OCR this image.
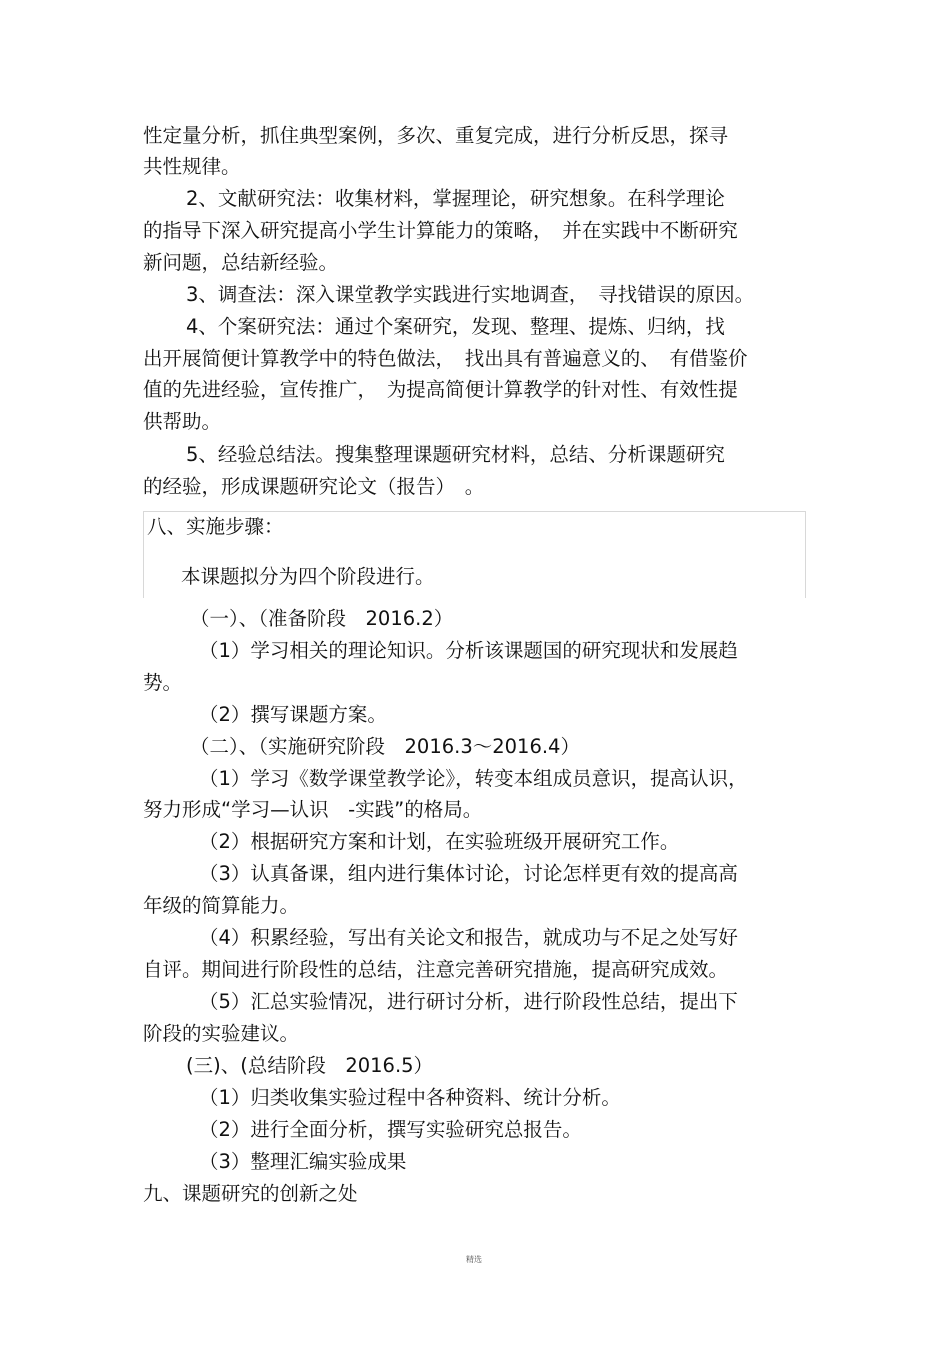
性定量分析，抓住典型案例，多次、重复完成，进行分析反思，探寻

共性规律。

2、文献研究法：收集材料，掌握理论，研究想象。在科学理论

的指导下深入研究提高小学生计算能力的策略，　并在实践中不断研究

新问题，总结新经验。

3、调查法：深入课堂教学实践进行实地调查，　寻找错误的原因。

4、个案研究法：通过个案研究，发现、整理、提炼、归纳，找

出开展简便计算教学中的特色做法，　找出具有普遍意义的、　有借鉴价

值的先进经验，宣传推广，　为提高简便计算教学的针对性、有效性提

供帮助。

5、经验总结法。搜集整理课题研究材料，总结、分析课题研究

的经验，形成课题研究论文（报告）　。

八、实施步骤：

本课题拟分为四个阶段进行。

（一）、（准备阶段　2016.2）

（1）学习相关的理论知识。分析该课题国的研究现状和发展趋

势。

（2）撰写课题方案。

（二）、（实施研究阶段　2016.3～2016.4）

（1）学习《数学课堂教学论》，转变本组成员意识，提高认识，

努力形成“学习—认识　-实践”的格局。

（2）根据研究方案和计划，在实验班级开展研究工作。

（3）认真备课，组内进行集体讨论，讨论怎样更有效的提高高

年级的简算能力。

（4）积累经验，写出有关论文和报告，就成功与不足之处写好

自评。期间进行阶段性的总结，注意完善研究措施，提高研究成效。

（5）汇总实验情况，进行研讨分析，进行阶段性总结，提出下

阶段的实验建议。

(三)、(总结阶段　2016.5）

（1）归类收集实验过程中各种资料、统计分析。

（2）进行全面分析，撰写实验研究总报告。

（3）整理汇编实验成果

九、课题研究的创新之处

精选
